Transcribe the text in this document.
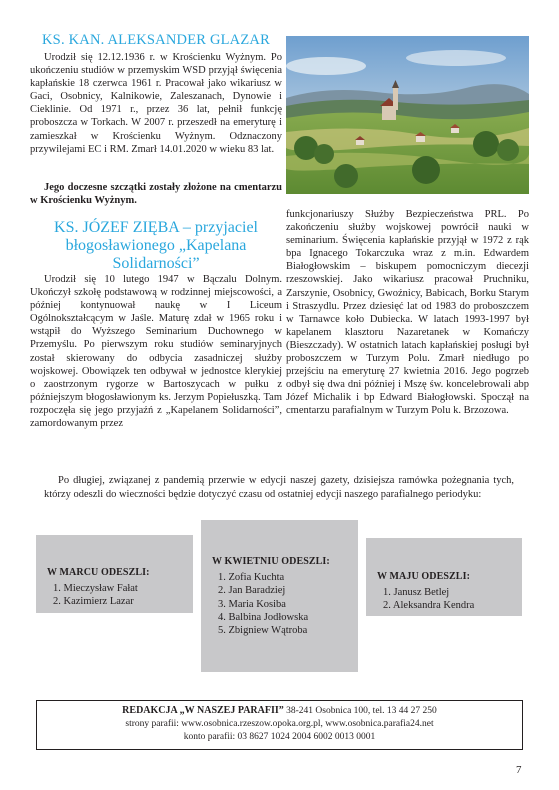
KS. KAN. ALEKSANDER GLAZAR

Urodził się 12.12.1936 r. w Krościenku Wyżnym. Po ukończeniu studiów w przemyskim WSD przyjął święcenia kapłańskie 18 czerwca 1961 r. Pracował jako wikariusz w Gaci, Osobnicy, Kalnikowie, Zaleszanach, Dynowie i Cieklinie. Od 1971 r., przez 36 lat, pełnił funkcję proboszcza w Torkach. W 2007 r. przeszedł na emeryturę i zamieszkał w Krościenku Wyżnym. Odznaczony przywilejami EC i RM. Zmarł 14.01.2020 w wieku 83 lat.

Jego doczesne szczątki zostały złożone na cmentarzu w Krościenku Wyżnym.

KS. JÓZEF ZIĘBA – przyjaciel błogosławionego „Kapelana Solidarności”

Urodził się 10 lutego 1947 w Bączalu Dolnym. Ukończył szkołę podstawową w rodzinnej miejscowości, a później kontynuował naukę w I Liceum Ogólnokształcącym w Jaśle. Maturę zdał w 1965 roku i wstąpił do Wyższego Seminarium Duchownego w Przemyślu. Po pierwszym roku studiów seminaryjnych został skierowany do odbycia zasadniczej służby wojskowej. Obowiązek ten odbywał w jednostce klerykiej o zaostrzonym rygorze w Bartoszycach w pułku z późniejszym błogosławionym ks. Jerzym Popiełuszką. Tam rozpoczęła się jego przyjaźń z „Kapelanem Solidarności”, zamordowanym przez

funkcjonariuszy Służby Bezpieczeństwa PRL. Po zakończeniu służby wojskowej powrócił nauki w seminarium. Święcenia kapłańskie przyjął w 1972 z rąk bpa Ignacego Tokarczuka wraz z m.in. Edwardem Białogłowskim – biskupem pomocniczym diecezji rzeszowskiej. Jako wikariusz pracował Pruchniku, Zarszynie, Osobnicy, Gwoźnicy, Babicach, Borku Starym i Straszydlu. Przez dziesięć lat od 1983 do proboszczem w Tarnawce koło Dubiecka. W latach 1993-1997 był kapelanem klasztoru Nazaretanek w Komańczy (Bieszczady). W ostatnich latach kapłańskiej posługi był proboszczem w Turzym Polu. Zmarł niedługo po przejściu na emeryturę 27 kwietnia 2016. Jego pogrzeb odbył się dwa dni później i Mszę św. koncelebrowali abp Józef Michalik i bp Edward Białogłowski. Spoczął na cmentarzu parafialnym w Turzym Polu k. Brzozowa.

Po długiej, związanej z pandemią przerwie w edycji naszej gazety, dzisiejsza ramówka pożegnania tych, którzy odeszli do wieczności będzie dotyczyć czasu od ostatniej edycji naszego parafialnego periodyku:

W MARCU ODESZLI:
1. Mieczysław Fałat
2. Kazimierz Lazar
W KWIETNIU ODESZLI:
1. Zofia Kuchta
2. Jan Baradziej
3. Maria Kosiba
4. Balbina Jodłowska
5. Zbigniew Wątroba
W MAJU ODESZLI:
1. Janusz Betlej
2. Aleksandra Kendra
REDAKCJA „W NASZEJ PARAFII” 38-241 Osobnica 100, tel. 13 44 27 250
strony parafii: www.osobnica.rzeszow.opoka.org.pl, www.osobnica.parafia24.net
konto parafii: 03 8627 1024 2004 6002 0013 0001
7
